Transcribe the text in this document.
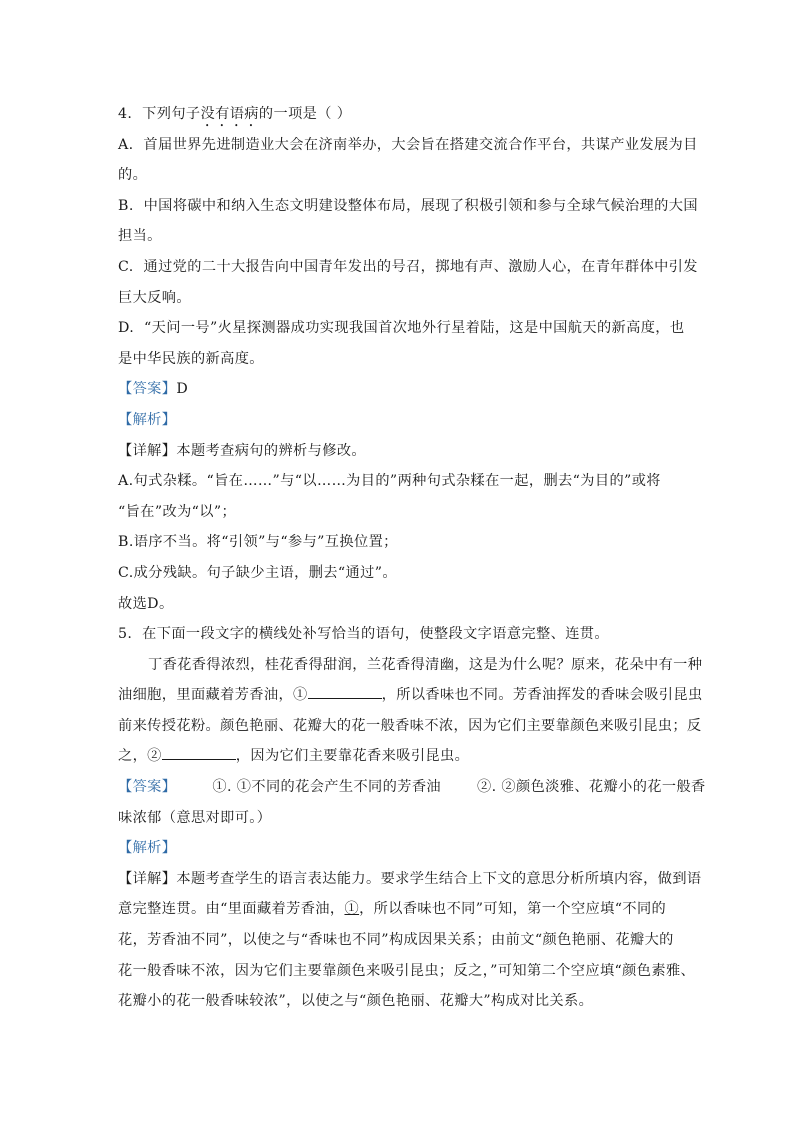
4. 下列句子没有语病的一项是（ ）
A. 首届世界先进制造业大会在济南举办，大会旨在搭建交流合作平台，共谋产业发展为目
的。
B. 中国将碳中和纳入生态文明建设整体布局，展现了积极引领和参与全球气候治理的大国
担当。
C. 通过党的二十大报告向中国青年发出的号召，掷地有声、激励人心，在青年群体中引发
巨大反响。
D. “天问一号”火星探测器成功实现我国首次地外行星着陆，这是中国航天的新高度，也
是中华民族的新高度。
【答案】D
【解析】
【详解】本题考查病句的辨析与修改。
A.句式杂糅。“旨在……”与“以……为目的”两种句式杂糅在一起，删去“为目的”或将
“旨在”改为“以”；
B.语序不当。将“引领”与“参与”互换位置；
C.成分残缺。句子缺少主语，删去“通过”。
故选D。
5. 在下面一段文字的横线处补写恰当的语句，使整段文字语意完整、连贯。
丁香花香得浓烈，桂花香得甜润，兰花香得清幽，这是为什么呢？原来，花朵中有一种
油细胞，里面藏着芳香油，①	，所以香味也不同。芳香油挥发的香味会吸引昆虫
前来传授花粉。颜色艳丽、花瓣大的花一般香味不浓，因为它们主要靠颜色来吸引昆虫；反
之，②	，因为它们主要靠花香来吸引昆虫。
【答案】	①. ①不同的花会产生不同的芳香油	②. ②颜色淡雅、花瓣小的花一般香
味浓郁（意思对即可。）
【解析】
【详解】本题考查学生的语言表达能力。要求学生结合上下文的意思分析所填内容，做到语
意完整连贯。由“里面藏着芳香油，①，所以香味也不同”可知，第一个空应填“不同的
花，芳香油不同”，以使之与“香味也不同”构成因果关系；由前文“颜色艳丽、花瓣大的
花一般香味不浓，因为它们主要靠颜色来吸引昆虫；反之，”可知第二个空应填“颜色素雅、
花瓣小的花一般香味较浓”，以使之与“颜色艳丽、花瓣大”构成对比关系。
